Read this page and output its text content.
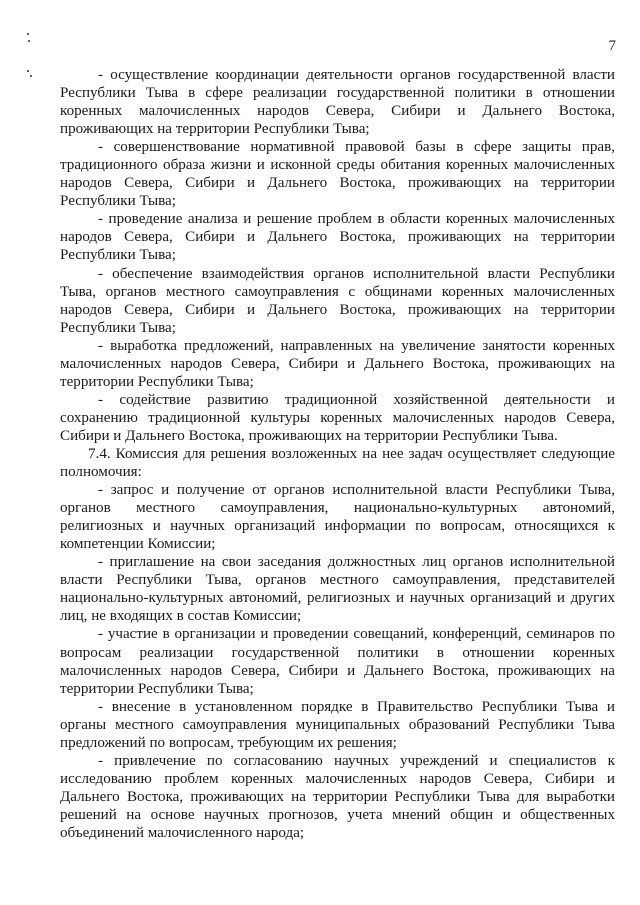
7

- осуществление координации деятельности органов государственной власти Республики Тыва в сфере реализации государственной политики в отношении коренных малочисленных народов Севера, Сибири и Дальнего Востока, проживающих на территории Республики Тыва;

- совершенствование нормативной правовой базы в сфере защиты прав, традиционного образа жизни и исконной среды обитания коренных малочисленных народов Севера, Сибири и Дальнего Востока, проживающих на территории Республики Тыва;

- проведение анализа и решение проблем в области коренных малочисленных народов Севера, Сибири и Дальнего Востока, проживающих на территории Республики Тыва;

- обеспечение взаимодействия органов исполнительной власти Республики Тыва, органов местного самоуправления с общинами коренных малочисленных народов Севера, Сибири и Дальнего Востока, проживающих на территории Республики Тыва;

- выработка предложений, направленных на увеличение занятости коренных малочисленных народов Севера, Сибири и Дальнего Востока, проживающих на территории Республики Тыва;

- содействие развитию традиционной хозяйственной деятельности и сохранению традиционной культуры коренных малочисленных народов Севера, Сибири и Дальнего Востока, проживающих на территории Республики Тыва.

7.4. Комиссия для решения возложенных на нее задач осуществляет следующие полномочия:

- запрос и получение от органов исполнительной власти Республики Тыва, органов местного самоуправления, национально-культурных автономий, религиозных и научных организаций информации по вопросам, относящихся к компетенции Комиссии;

- приглашение на свои заседания должностных лиц органов исполнительной власти Республики Тыва, органов местного самоуправления, представителей национально-культурных автономий, религиозных и научных организаций и других лиц, не входящих в состав Комиссии;

- участие в организации и проведении совещаний, конференций, семинаров по вопросам реализации государственной политики в отношении коренных малочисленных народов Севера, Сибири и Дальнего Востока, проживающих на территории Республики Тыва;

- внесение в установленном порядке в Правительство Республики Тыва и органы местного самоуправления муниципальных образований Республики Тыва предложений по вопросам, требующим их решения;

- привлечение по согласованию научных учреждений и специалистов к исследованию проблем коренных малочисленных народов Севера, Сибири и Дальнего Востока, проживающих на территории Республики Тыва для выработки решений на основе научных прогнозов, учета мнений общин и общественных объединений малочисленного народа;
